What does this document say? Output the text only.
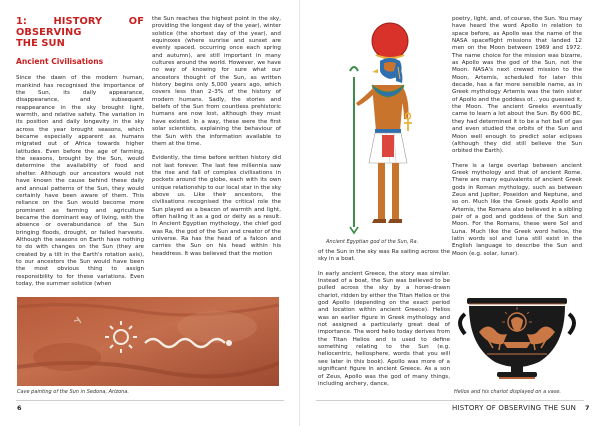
1: HISTORY OF OBSERVING
THE SUN
Ancient Civilisations

Since the dawn of the modern human, mankind has recognised the importance of the Sun, its daily appearance, disappearance, and subsequent reappearance in the sky brought light, warmth, and relative safety. The variation in its position and daily longevity in the sky across the year brought seasons, which became especially apparent as humans migrated out of Africa towards higher latitudes. Even before the age of farming, the seasons, brought by the Sun, would determine the availability of food and shelter. Although our ancestors would not have known the cause behind these daily and annual patterns of the Sun, they would certainly have been aware of them. This reliance on the Sun would become more prominent as farming and agriculture became the dominant way of living, with the absence or overabundance of the Sun bringing floods, drought, or failed harvests. Although the seasons on Earth have nothing to do with changes on the Sun (they are created by a tilt in the Earth's rotation axis), to our ancestors the Sun would have been the most obvious thing to assign responsibility to for these variations. Even today, the summer solstice (when

the Sun reaches the highest point in the sky, providing the longest day of the year), winter solstice (the shortest day of the year), and equinoxes (where sunrise and sunset are evenly spaced, occurring once each spring and autumn), are still important in many cultures around the world. However, we have no way of knowing for sure what our ancestors thought of the Sun, as written history begins only 5,000 years ago, which covers less than 2–3% of the history of modern humans. Sadly, the stories and beliefs of the Sun from countless prehistoric humans are now lost, although they must have existed. In a way, these were the first solar scientists, explaining the behaviour of the Sun with the information available to them at the time.

Evidently, the time before written history did not last forever. The last few millennia saw the rise and fall of complex civilisations in pockets around the globe, each with its own unique relationship to our local star in the sky above us. Like their ancestors, the civilisations recognised the critical role the Sun played as a beacon of warmth and light, often hailing it as a god or deity as a result. In Ancient Egyptian mythology, the chief god was Ra, the god of the Sun and creator of the universe. Ra has the head of a falcon and carries the Sun on his head within his headdress. It was believed that the motion

Cave painting of the Sun in Sedona, Arizona.
6
Ancient Egyptian god of the Sun, Ra.

of the Sun in the sky was Ra sailing across the sky in a boat.

In early ancient Greece, the story was similar. Instead of a boat, the Sun was believed to be pulled across the sky by a horse-drawn chariot, ridden by either the Titan Helios or the god Apollo (depending on the exact period and location within ancient Greece). Helios was an earlier figure in Greek mythology and not assigned a particularly great deal of importance. The word helio today derives from the Titan Helios and is used to define something relating to the Sun (e.g. heliocentric, heliosphere, words that you will see later in this book). Apollo was more of a significant figure in ancient Greece. As a son of Zeus, Apollo was the god of many things, including archery, dance,

poetry, light, and, of course, the Sun. You may have heard the word Apollo in relation to space before, as Apollo was the name of the NASA spaceflight missions that landed 12 men on the Moon between 1969 and 1972. The name choice for the mission was bizarre, as Apollo was the god of the Sun, not the Moon. NASA's next crewed mission to the Moon, Artemis, scheduled for later this decade, has a far more sensible name, as in Greek mythology Artemis was the twin sister of Apollo and the goddess of... you guessed it, the Moon. The ancient Greeks eventually came to learn a lot about the Sun. By 600 BC, they had determined it to be a hot ball of gas and even studied the orbits of the Sun and Moon well enough to predict solar eclipses (although they did still believe the Sun orbited the Earth).

There is a large overlap between ancient Greek mythology and that of ancient Rome. There are many equivalents of ancient Greek gods in Roman mythology, such as between Zeus and Jupiter, Poseidon and Neptune, and so on. Much like the Greek gods Apollo and Artemis, the Romans also believed in a sibling pair of a god and goddess of the Sun and Moon. For the Romans, these were Sol and Luna. Much like the Greek word helios, the latin words sol and luna still exist in the English language to describe the Sun and Moon (e.g. solar, lunar).

Helios and his chariot displayed on a vase.
HISTORY OF OBSERVING THE SUN 7
